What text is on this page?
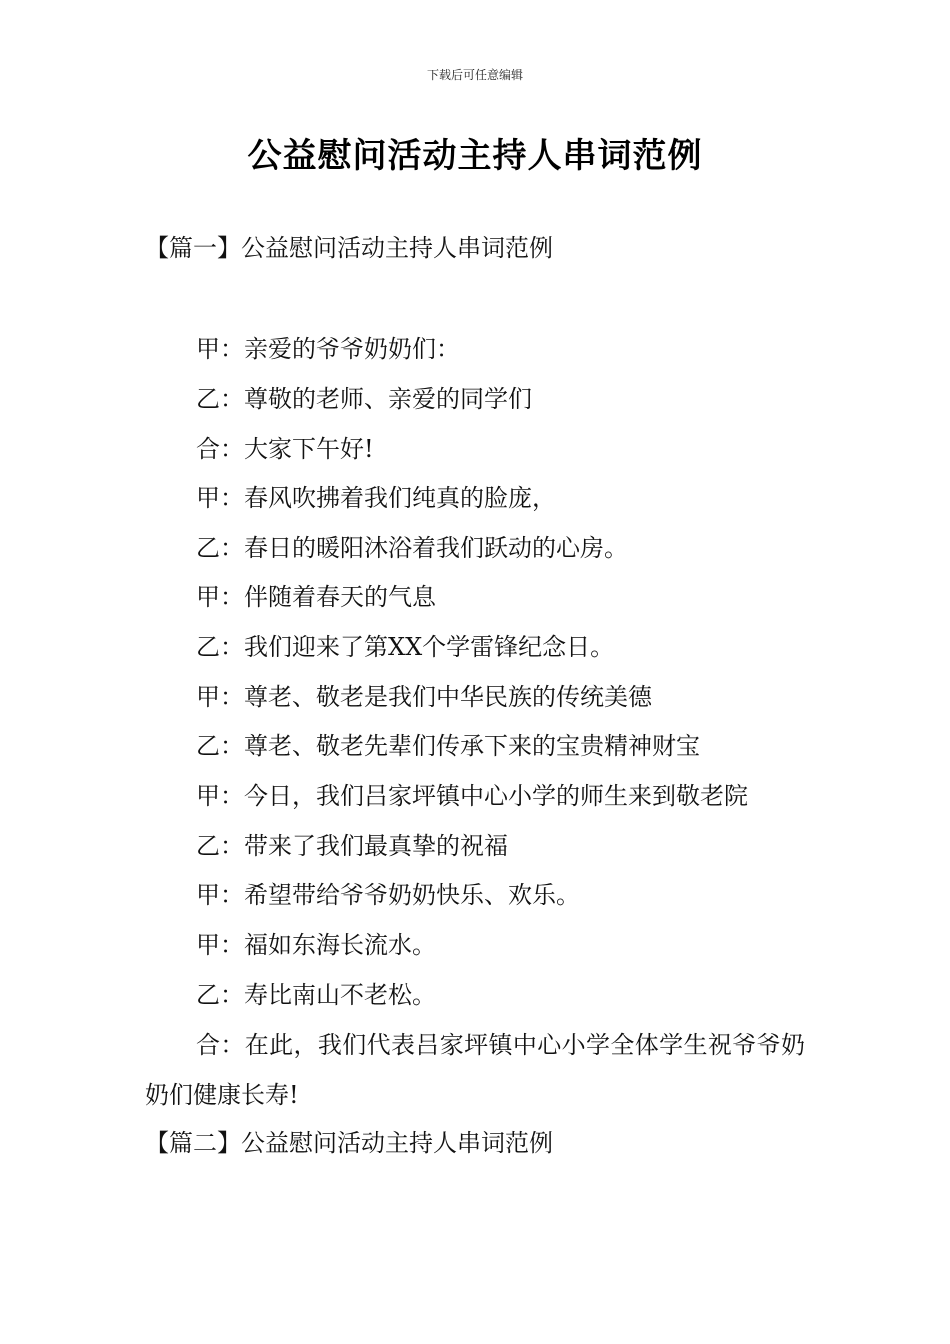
下载后可任意编辑
公益慰问活动主持人串词范例
【篇一】公益慰问活动主持人串词范例
甲：亲爱的爷爷奶奶们：
乙：尊敬的老师、亲爱的同学们
合：大家下午好!
甲：春风吹拂着我们纯真的脸庞，
乙：春日的暖阳沐浴着我们跃动的心房。
甲：伴随着春天的气息
乙：我们迎来了第XX个学雷锋纪念日。
甲：尊老、敬老是我们中华民族的传统美德
乙：尊老、敬老先辈们传承下来的宝贵精神财宝
甲：今日，我们吕家坪镇中心小学的师生来到敬老院
乙：带来了我们最真挚的祝福
甲：希望带给爷爷奶奶快乐、欢乐。
甲：福如东海长流水。
乙：寿比南山不老松。
合：在此，我们代表吕家坪镇中心小学全体学生祝爷爷奶奶们健康长寿!
【篇二】公益慰问活动主持人串词范例
